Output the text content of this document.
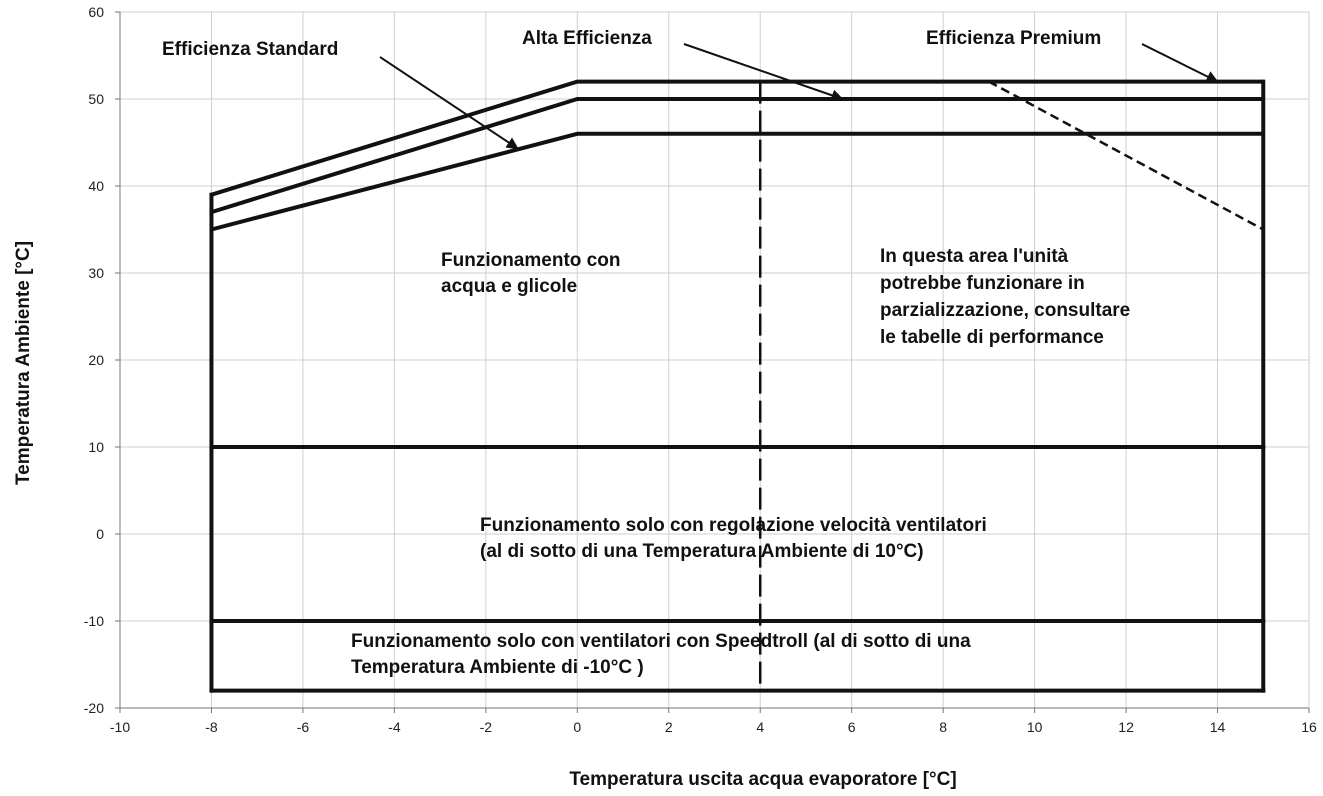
-10	-8	-6	-4	-2	0	2	4	6	8	10	12	14	16
-20
-10
0
10
20
30
40
50
60
Efficienza Standard
Alta Efficienza	Efficienza Premium
Funzionamento con
acqua e glicole
In questa area l'unità
potrebbe funzionare in
parzializzazione, consultare
le tabelle di performance
Funzionamento solo con regolazione velocità ventilatori
(al di sotto di una Temperatura Ambiente di 10°C)
Funzionamento solo con ventilatori con Speedtroll (al di sotto di una
Temperatura Ambiente di -10°C )
Temperatura uscita acqua evaporatore [°C]
Temperatura Ambiente [°C]
